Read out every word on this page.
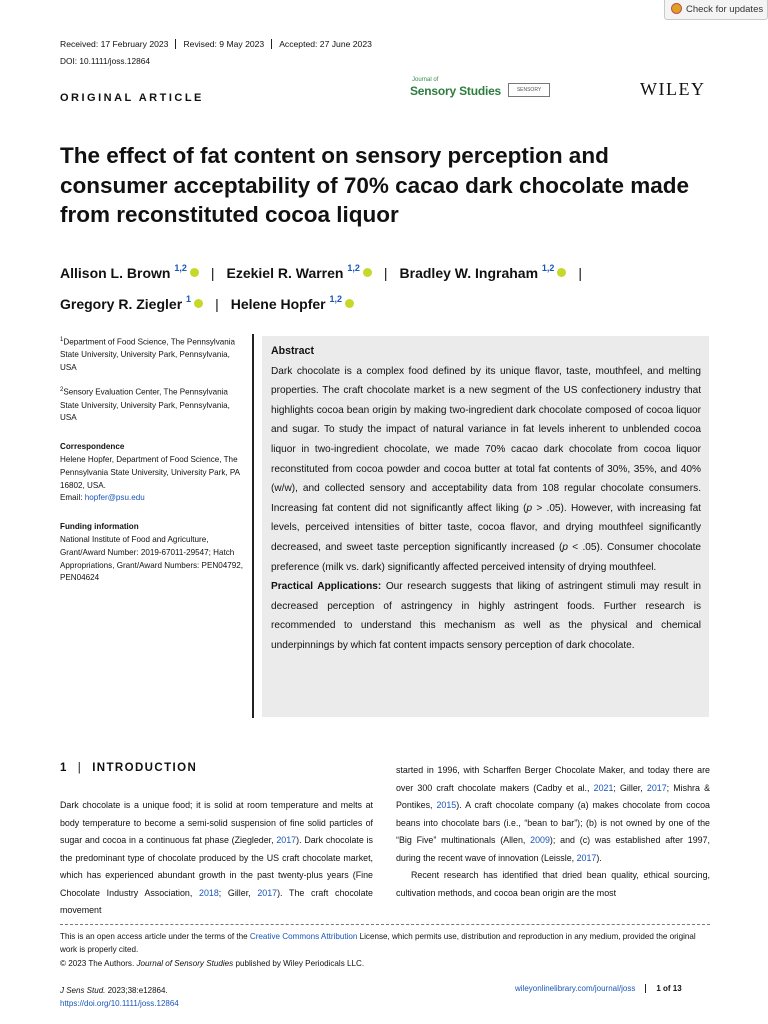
Check for updates
Received: 17 February 2023	Revised: 9 May 2023	Accepted: 27 June 2023
DOI: 10.1111/joss.12864
ORIGINAL ARTICLE
Journal of
Sensory Studies	SENSORY	WILEY
The effect of fat content on sensory perception and consumer acceptability of 70% cacao dark chocolate made from reconstituted cocoa liquor
Allison L. Brown $^{1,2}$ | Ezekiel R. Warren $^{1,2}$ | Bradley W. Ingraham $^{1,2}$ |
Gregory R. Ziegler $^1$ | Helene Hopfer $^{1,2}$

$^1$Department of Food Science, The Pennsylvania State University, University Park, Pennsylvania, USA

$^2$Sensory Evaluation Center, The Pennsylvania State University, University Park, Pennsylvania, USA

Correspondence
Helene Hopfer, Department of Food Science, The Pennsylvania State University, University Park, PA 16802, USA.
Email: hopfer@psu.edu

Funding information
National Institute of Food and Agriculture, Grant/Award Number: 2019-67011-29547; Hatch Appropriations, Grant/Award Numbers: PEN04792, PEN04624

Abstract
Dark chocolate is a complex food defined by its unique flavor, taste, mouthfeel, and melting properties. The craft chocolate market is a new segment of the US confectionery industry that highlights cocoa bean origin by making two-ingredient dark chocolate composed of cocoa liquor and sugar. To study the impact of natural variance in fat levels inherent to unblended cocoa liquor in two-ingredient chocolate, we made 70% cacao dark chocolate from cocoa liquor reconstituted from cocoa powder and cocoa butter at total fat contents of 30%, 35%, and 40% (w/w), and collected sensory and acceptability data from 108 regular chocolate consumers. Increasing fat content did not significantly affect liking (p > .05). However, with increasing fat levels, perceived intensities of bitter taste, cocoa flavor, and drying mouthfeel significantly decreased, and sweet taste perception significantly increased (p < .05). Consumer chocolate preference (milk vs. dark) significantly affected perceived intensity of drying mouthfeel.
Practical Applications: Our research suggests that liking of astringent stimuli may result in decreased perception of astringency in highly astringent foods. Further research is recommended to understand this mechanism as well as the physical and chemical underpinnings by which fat content impacts sensory perception of dark chocolate.
1 | INTRODUCTION
Dark chocolate is a unique food; it is solid at room temperature and melts at body temperature to become a semi-solid suspension of fine solid particles of sugar and cocoa in a continuous fat phase (Ziegleder, 2017). Dark chocolate is the predominant type of chocolate produced by the US craft chocolate market, which has experienced abundant growth in the past twenty-plus years (Fine Chocolate Industry Association, 2018; Giller, 2017). The craft chocolate movement
started in 1996, with Scharffen Berger Chocolate Maker, and today there are over 300 craft chocolate makers (Cadby et al., 2021; Giller, 2017; Mishra & Pontikes, 2015). A craft chocolate company (a) makes chocolate from cocoa beans into chocolate bars (i.e., “bean to bar”); (b) is not owned by one of the “Big Five” multinationals (Allen, 2009); and (c) was established after 1997, during the recent wave of innovation (Leissle, 2017).
Recent research has identified that dried bean quality, ethical sourcing, cultivation methods, and cocoa bean origin are the most
This is an open access article under the terms of the Creative Commons Attribution License, which permits use, distribution and reproduction in any medium, provided the original work is properly cited.
© 2023 The Authors. Journal of Sensory Studies published by Wiley Periodicals LLC.
J Sens Stud. 2023;38:e12864.
https://doi.org/10.1111/joss.12864
wileyonlinelibrary.com/journal/joss	1 of 13
